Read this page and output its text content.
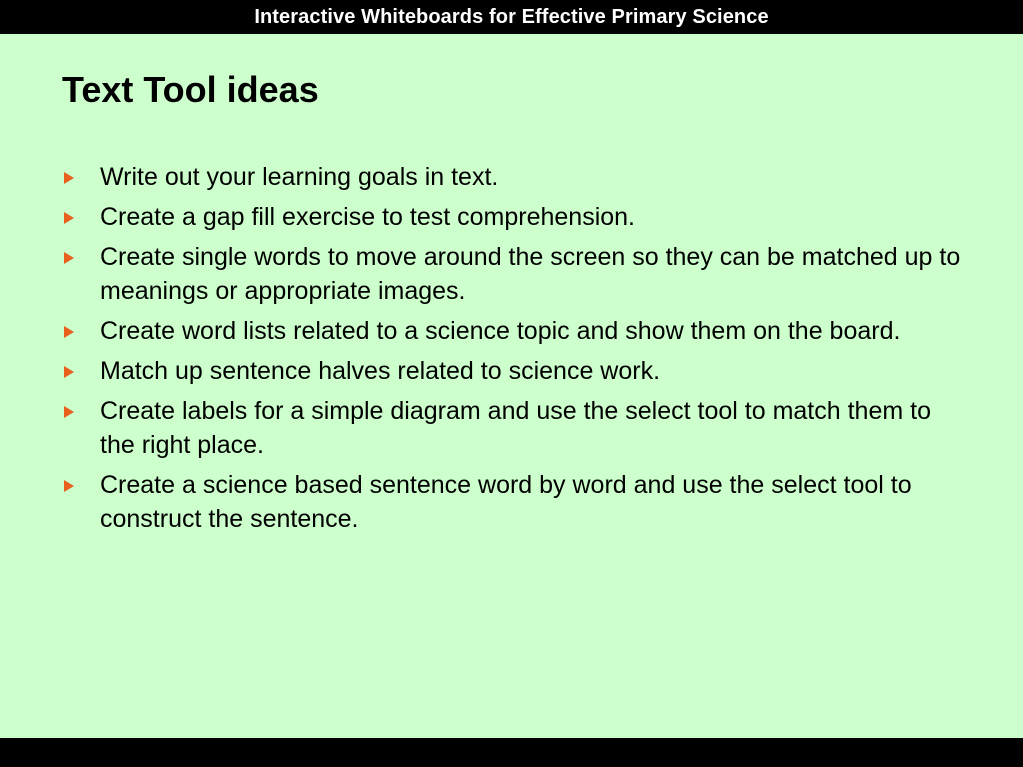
Interactive Whiteboards for Effective Primary Science
Text Tool ideas
Write out your learning goals in text.
Create a gap fill exercise to test comprehension.
Create single words to move around the screen so they can be matched up to meanings or appropriate images.
Create word lists related to a science topic and show them on the board.
Match up sentence halves related to science work.
Create labels for a simple diagram and use the select tool to match them to the right place.
Create a science based sentence word by word and use the select tool to construct the sentence.
